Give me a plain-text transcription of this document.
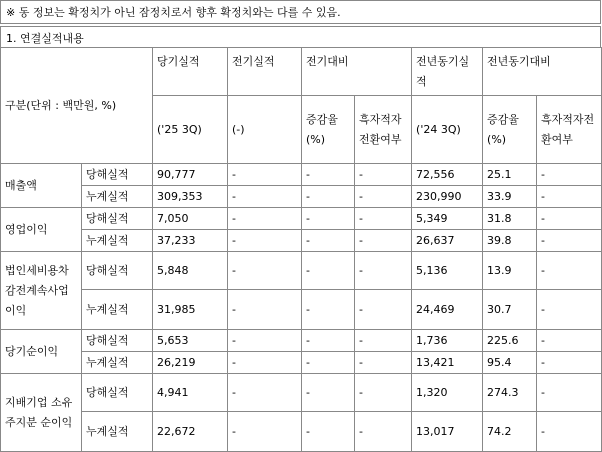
※ 동 정보는 확정치가 아닌 잠정치로서 향후 확정치와는 다를 수 있음.
1. 연결실적내용
구분(단위 : 백만원, %)		당기실적	전기실적	전기대비		전년동기실적	전년동기대비	
		('25 3Q)	(-)	증감율(%)	흑자적자전환여부	('24 3Q)	증감율(%)	흑자적자전환여부
매출액	당해실적	90,777	-	-	-	72,556	25.1	-
	누계실적	309,353	-	-	-	230,990	33.9	-
영업이익	당해실적	7,050	-	-	-	5,349	31.8	-
	누계실적	37,233	-	-	-	26,637	39.8	-
법인세비용차감전계속사업이익	당해실적	5,848	-	-	-	5,136	13.9	-
	누계실적	31,985	-	-	-	24,469	30.7	-
당기순이익	당해실적	5,653	-	-	-	1,736	225.6	-
	누계실적	26,219	-	-	-	13,421	95.4	-
지배기업 소유주지분 순이익	당해실적	4,941	-	-	-	1,320	274.3	-
	누계실적	22,672	-	-	-	13,017	74.2	-
